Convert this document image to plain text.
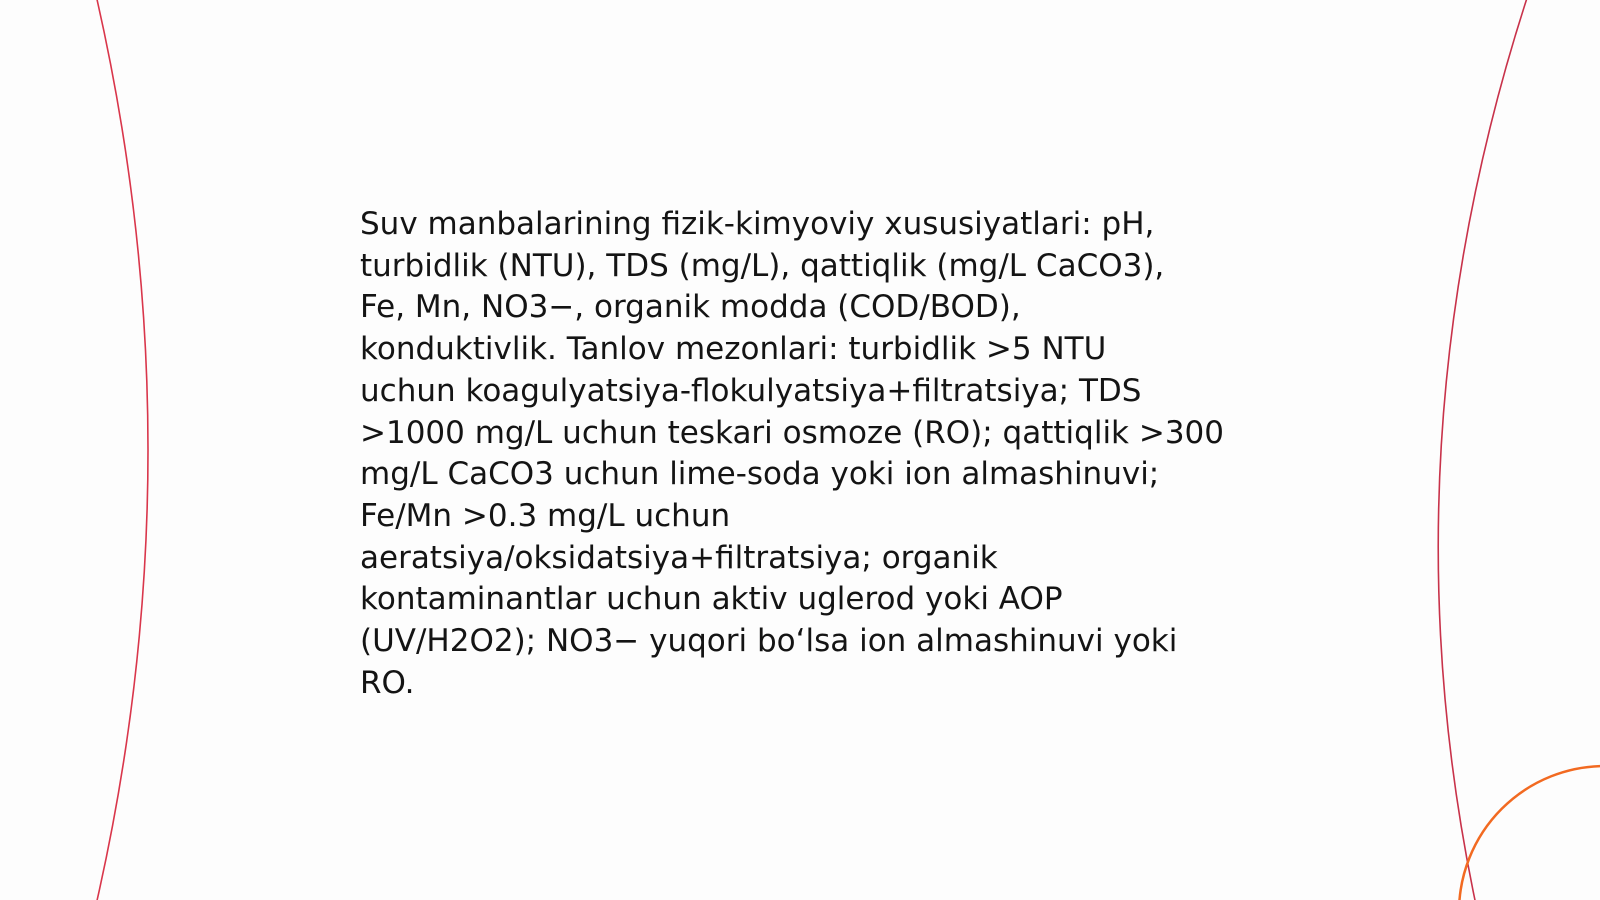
Suv manbalarining fizik-kimyoviy xususiyatlari: pH,
turbidlik (NTU), TDS (mg/L), qattiqlik (mg/L CaCO3),
Fe, Mn, NO3−, organik modda (COD/BOD),
konduktivlik. Tanlov mezonlari: turbidlik >5 NTU
uchun koagulyatsiya-flokulyatsiya+filtratsiya; TDS
>1000 mg/L uchun teskari osmoze (RO); qattiqlik >300
mg/L CaCO3 uchun lime-soda yoki ion almashinuvi;
Fe/Mn >0.3 mg/L uchun
aeratsiya/oksidatsiya+filtratsiya; organik
kontaminantlar uchun aktiv uglerod yoki AOP
(UV/H2O2); NO3− yuqori boʻlsa ion almashinuvi yoki
RO.
